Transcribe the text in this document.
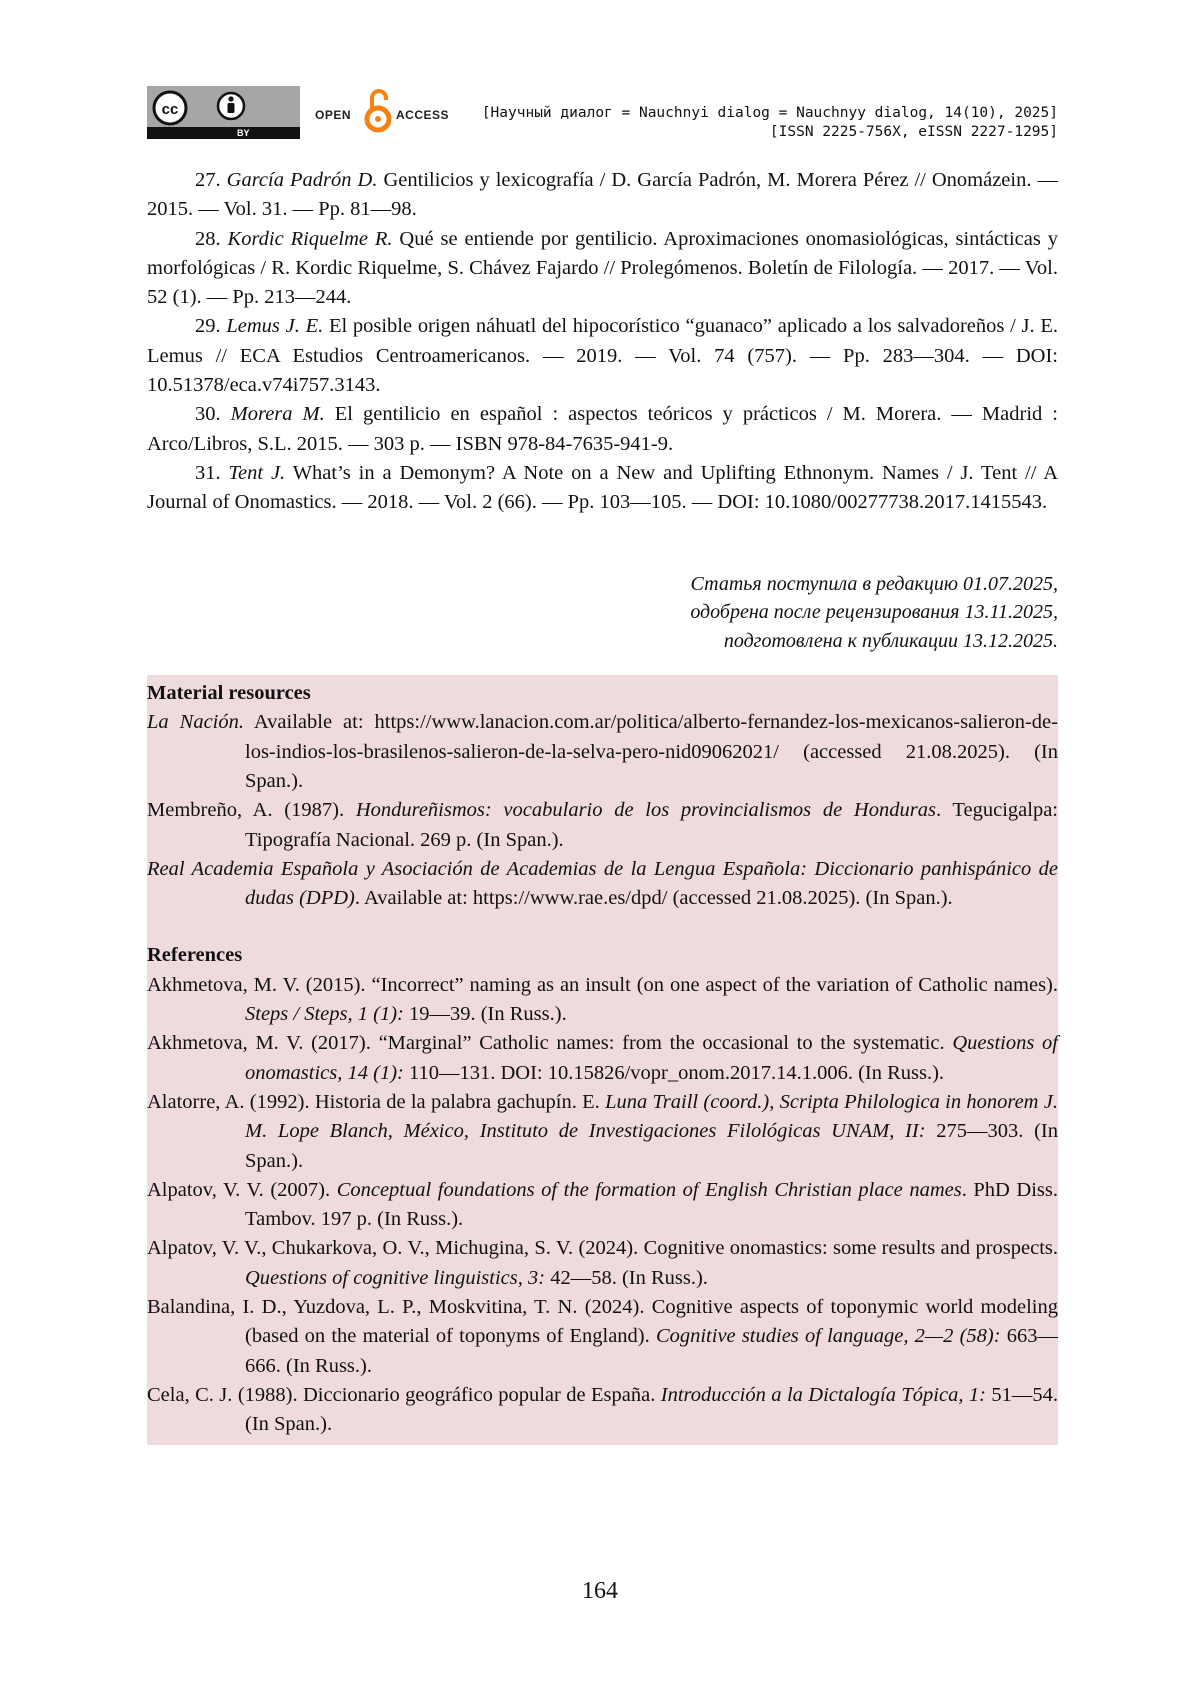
cc
BY
OPEN	ACCESS [Научный диалог = Nauchnyi dialog = Nauchnyy dialog, 14(10), 2025]
[ISSN 2225-756X, eISSN 2227-1295]

27. García Padrón D. Gentilicios y lexicografía / D. García Padrón, M. Morera Pérez // Onomázein. — 2015. — Vol. 31. — Pp. 81—98.

28. Kordic Riquelme R. Qué se entiende por gentilicio. Aproximaciones onomasiológicas, sintácticas y morfológicas / R. Kordic Riquelme, S. Chávez Fajardo // Prolegómenos. Boletín de Filología. — 2017. — Vol. 52 (1). — Pp. 213—244.

29. Lemus J. E. El posible origen náhuatl del hipocorístico “guanaco” aplicado a los salvadoreños / J. E. Lemus // ECA Estudios Centroamericanos. — 2019. — Vol. 74 (757). — Pp. 283—304. — DOI: 10.51378/eca.v74i757.3143.

30. Morera M. El gentilicio en español : aspectos teóricos y prácticos / M. Morera. — Madrid : Arco/Libros, S.L. 2015. — 303 p. — ISBN 978-84-7635-941-9.

31. Tent J. What’s in a Demonym? A Note on a New and Uplifting Ethnonym. Names / J. Tent // A Journal of Onomastics. — 2018. — Vol. 2 (66). — Pp. 103—105. — DOI: 10.1080/00277738.2017.1415543.

Статья поступила в редакцию 01.07.2025,
одобрена после рецензирования 13.11.2025,
подготовлена к публикации 13.12.2025.

Material resources

La Nación. Available at: https://www.lanacion.com.ar/politica/alberto-fernandez-los-mexicanos-salieron-de-los-indios-los-brasilenos-salieron-de-la-selva-pero-nid09062021/ (accessed 21.08.2025). (In Span.).

Membreño, A. (1987). Hondureñismos: vocabulario de los provincialismos de Honduras. Tegucigalpa: Tipografía Nacional. 269 p. (In Span.).

Real Academia Española y Asociación de Academias de la Lengua Española: Diccionario panhispánico de dudas (DPD). Available at: https://www.rae.es/dpd/ (accessed 21.08.2025). (In Span.).

References

Akhmetova, M. V. (2015). “Incorrect” naming as an insult (on one aspect of the variation of Catholic names). Steps / Steps, 1 (1): 19—39. (In Russ.).

Akhmetova, M. V. (2017). “Marginal” Catholic names: from the occasional to the systematic. Questions of onomastics, 14 (1): 110—131. DOI: 10.15826/vopr_onom.2017.14.1.006. (In Russ.).

Alatorre, A. (1992). Historia de la palabra gachupín. E. Luna Traill (coord.), Scripta Philologica in honorem J. M. Lope Blanch, México, Instituto de Investigaciones Filológicas UNAM, II: 275—303. (In Span.).

Alpatov, V. V. (2007). Conceptual foundations of the formation of English Christian place names. PhD Diss. Tambov. 197 p. (In Russ.).

Alpatov, V. V., Chukarkova, O. V., Michugina, S. V. (2024). Cognitive onomastics: some results and prospects. Questions of cognitive linguistics, 3: 42—58. (In Russ.).

Balandina, I. D., Yuzdova, L. P., Moskvitina, T. N. (2024). Cognitive aspects of toponymic world modeling (based on the material of toponyms of England). Cognitive studies of language, 2—2 (58): 663—666. (In Russ.).

Cela, C. J. (1988). Diccionario geográfico popular de España. Introducción a la Dictalogía Tópica, 1: 51—54. (In Span.).

164
